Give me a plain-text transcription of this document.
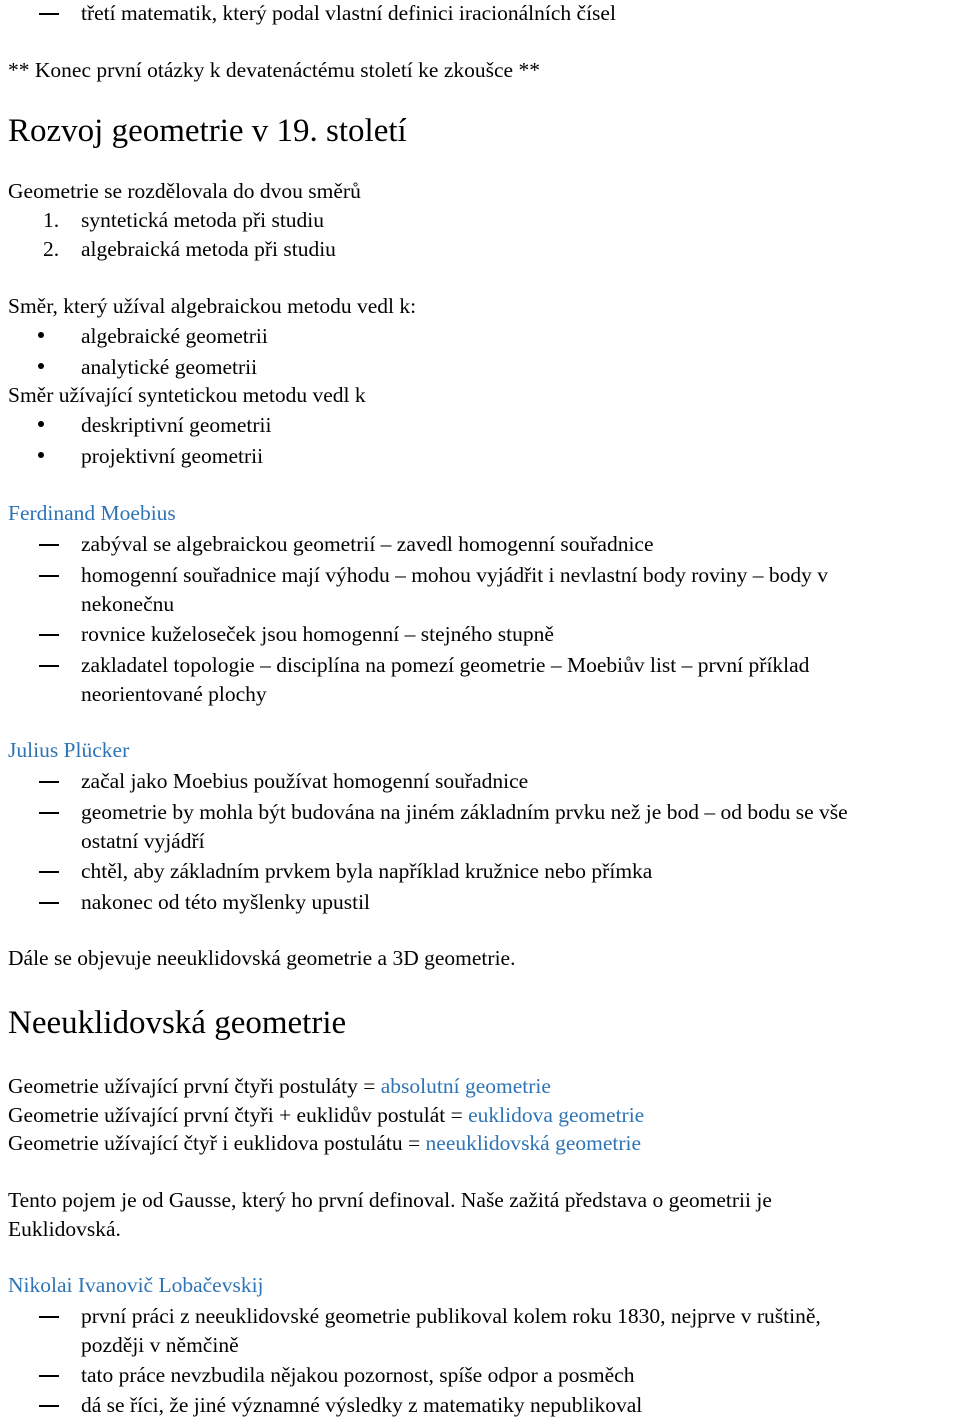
třetí matematik, který podal vlastní definici iracionálních čísel
** Konec první otázky k devatenáctému století ke zkoušce **
Rozvoj geometrie v 19. století
Geometrie se rozdělovala do dvou směrů
1. syntetická metoda při studiu
2. algebraická metoda při studiu
Směr, který užíval algebraickou metodu vedl k:
algebraické geometrii
analytické geometrii
Směr užívající syntetickou metodu vedl k
deskriptivní geometrii
projektivní geometrii
Ferdinand Moebius
zabýval se algebraickou geometrií – zavedl homogenní souřadnice
homogenní souřadnice mají výhodu – mohou vyjádřit i nevlastní body roviny – body v
nekonečnu
rovnice kuželoseček jsou homogenní – stejného stupně
zakladatel topologie – disciplína na pomezí geometrie – Moebiův list – první příklad
neorientované plochy
Julius Plücker
začal jako Moebius používat homogenní souřadnice
geometrie by mohla být budována na jiném základním prvku než je bod – od bodu se vše
ostatní vyjádří
chtěl, aby základním prvkem byla například kružnice nebo přímka
nakonec od této myšlenky upustil
Dále se objevuje neeuklidovská geometrie a 3D geometrie.
Neeuklidovská geometrie
Geometrie užívající první čtyři postuláty = absolutní geometrie
Geometrie užívající první čtyři + euklidův postulát = euklidova geometrie
Geometrie užívající čtyř i euklidova postulátu = neeuklidovská geometrie
Tento pojem je od Gausse, který ho první definoval. Naše zažitá představa o geometrii je
Euklidovská.
Nikolai Ivanovič Lobačevskij
první práci z neeuklidovské geometrie publikoval kolem roku 1830, nejprve v ruštině,
později v němčině
tato práce nevzbudila nějakou pozornost, spíše odpor a posměch
dá se říci, že jiné významné výsledky z matematiky nepublikoval
